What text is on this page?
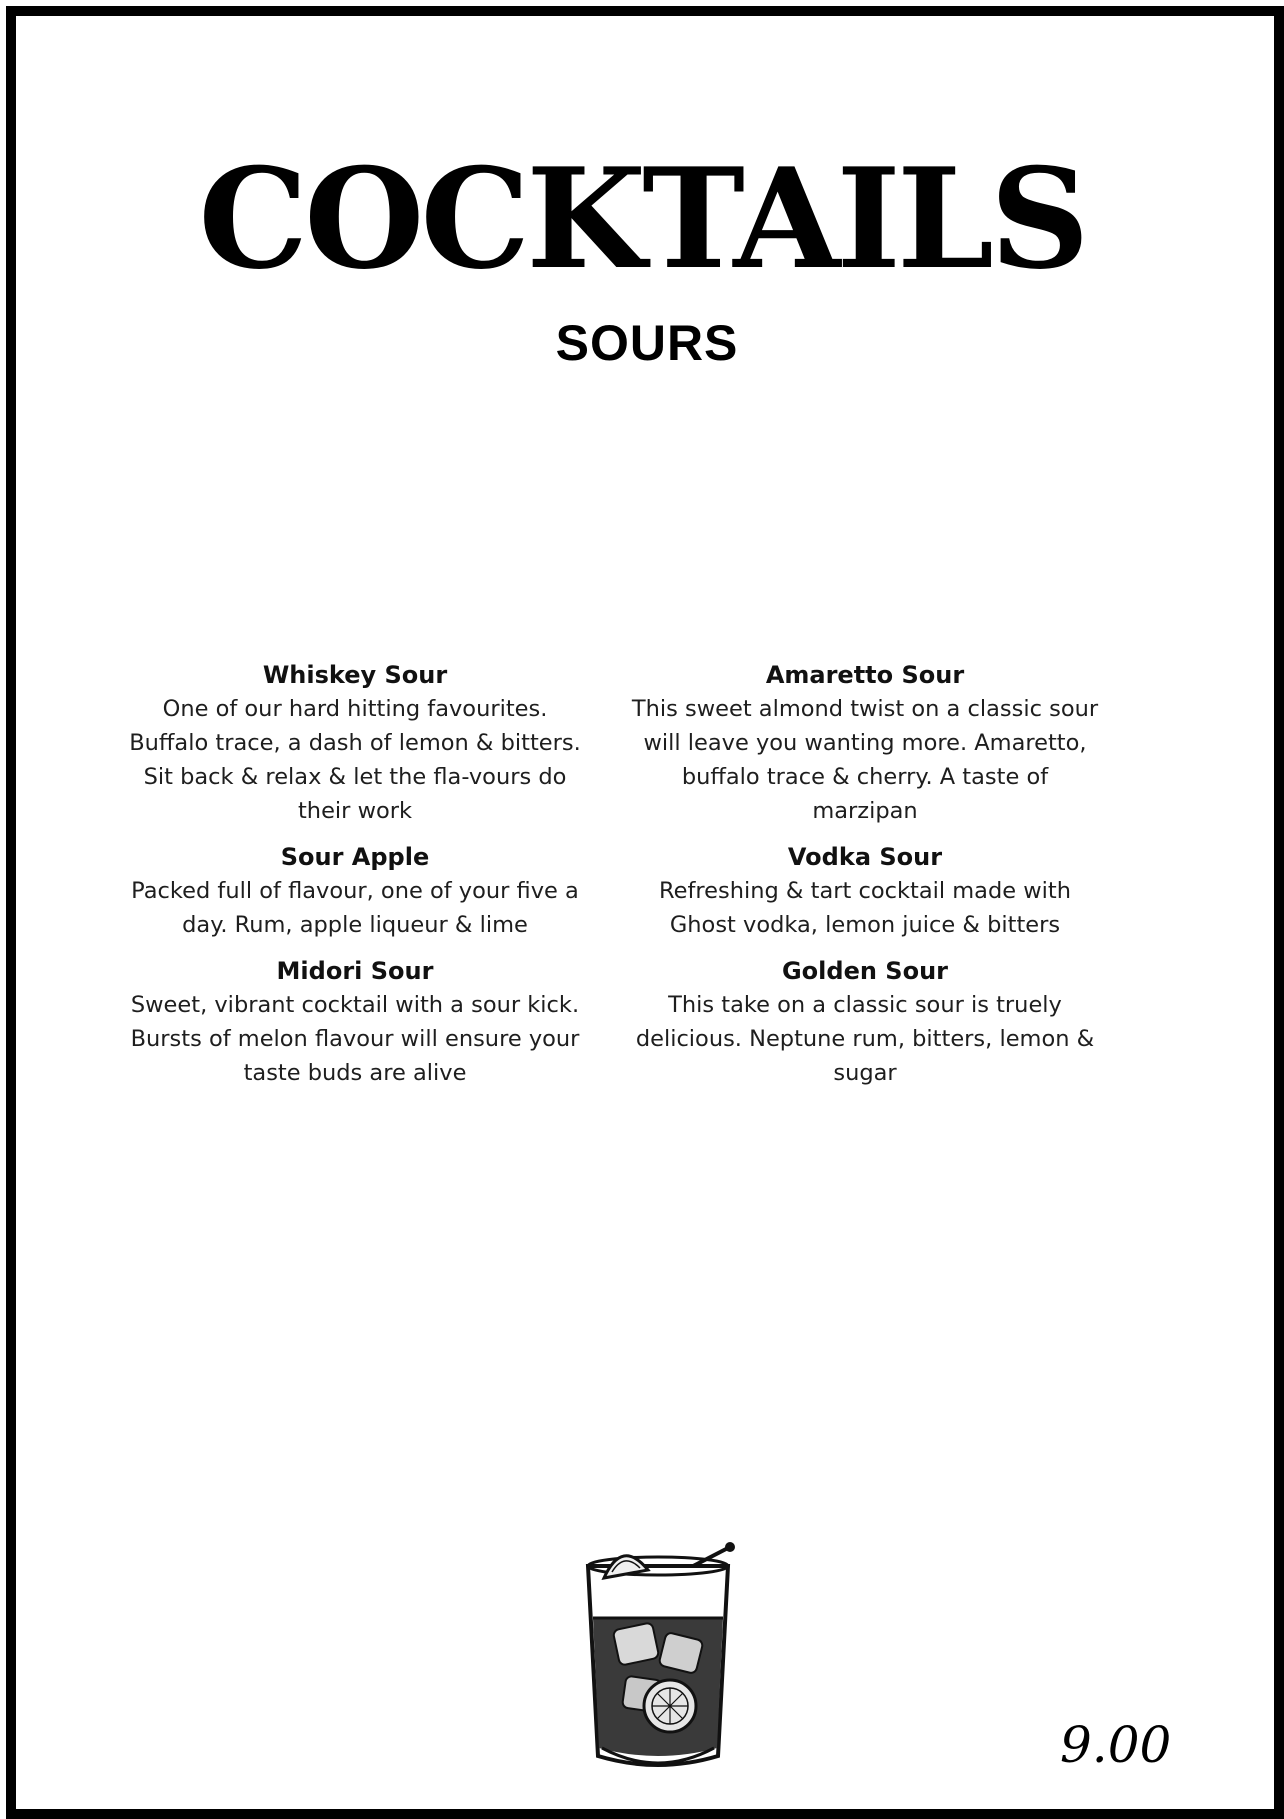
COCKTAILS
SOURS
Whiskey Sour
One of our hard hitting favourites. Buffalo trace, a dash of lemon & bitters. Sit back & relax & let the fla-vours do their work
Sour Apple
Packed full of flavour, one of your five a day. Rum, apple liqueur & lime
Midori Sour
Sweet, vibrant cocktail with a sour kick. Bursts of melon flavour will ensure your taste buds are alive
Amaretto Sour
This sweet almond twist on a classic sour will leave you wanting more. Amaretto, buffalo trace & cherry. A taste of marzipan
Vodka Sour
Refreshing & tart cocktail made with Ghost vodka, lemon juice & bitters
Golden Sour
This take on a classic sour is truely delicious. Neptune rum, bitters, lemon & sugar
9.00
